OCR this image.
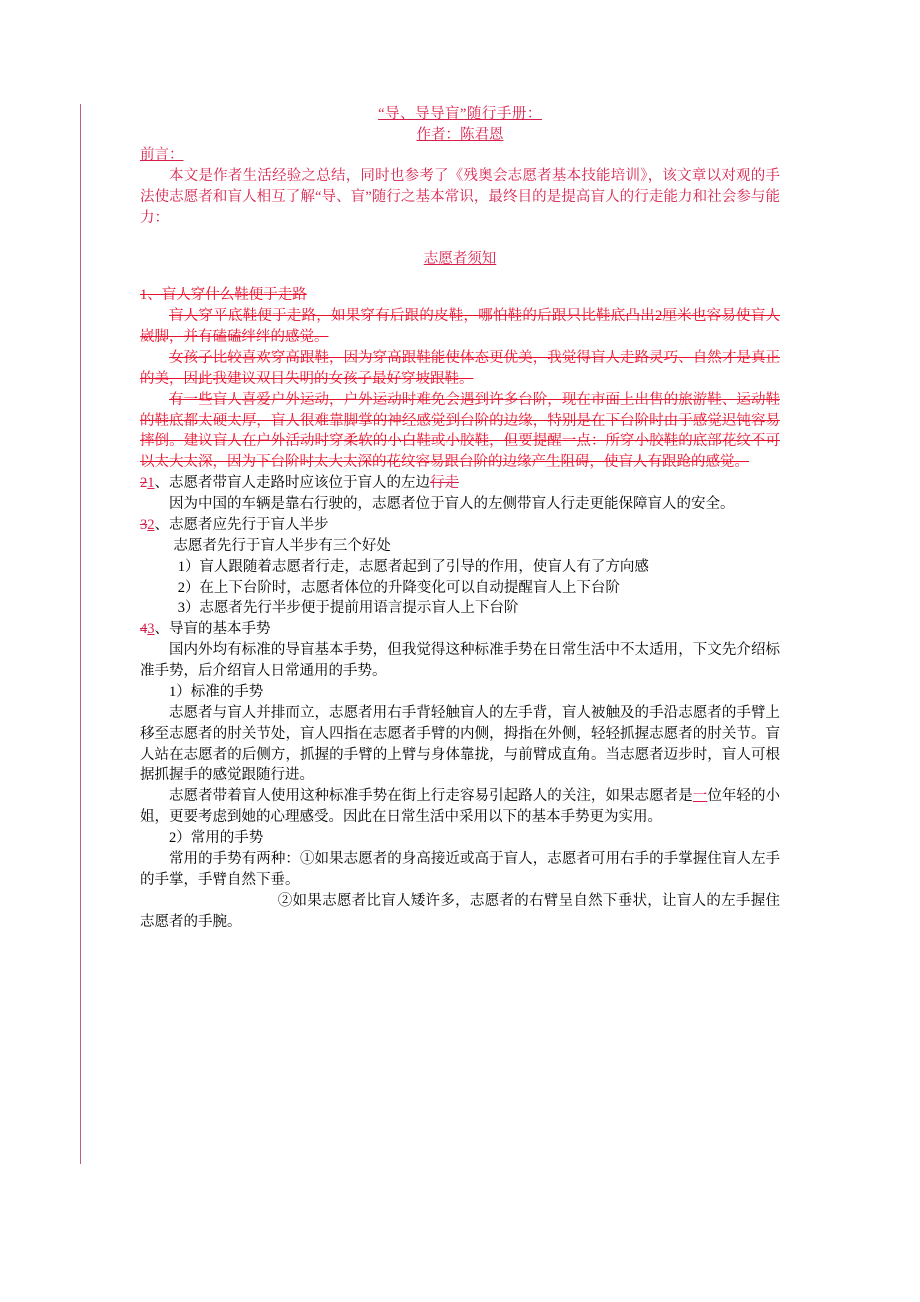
“导、导导盲”随行手册：

作者：陈君恩

前言：

本文是作者生活经验之总结，同时也参考了《残奥会志愿者基本技能培训》，该文章以对观的手法使志愿者和盲人相互了解“导、盲”随行之基本常识，最终目的是提高盲人的行走能力和社会参与能力：

志愿者须知

1、盲人穿什么鞋便于走路

盲人穿平底鞋便于走路，如果穿有后跟的皮鞋，哪怕鞋的后跟只比鞋底凸出2厘米也容易使盲人崴脚，并有磕磕绊绊的感觉。

女孩子比较喜欢穿高跟鞋，因为穿高跟鞋能使体态更优美，我觉得盲人走路灵巧、自然才是真正的美，因此我建议双目失明的女孩子最好穿坡跟鞋。

有一些盲人喜爱户外运动，户外运动时难免会遇到许多台阶，现在市面上出售的旅游鞋、运动鞋的鞋底都太硬太厚，盲人很难靠脚掌的神经感觉到台阶的边缘，特别是在下台阶时由于感觉迟钝容易摔倒。建议盲人在户外活动时穿柔软的小白鞋或小胶鞋，但要提醒一点：所穿小胶鞋的底部花纹不可以太大太深，因为下台阶时太大太深的花纹容易跟台阶的边缘产生阻碍，使盲人有跟跄的感觉。

21、志愿者带盲人走路时应该位于盲人的左边行走

因为中国的车辆是靠右行驶的，志愿者位于盲人的左侧带盲人行走更能保障盲人的安全。

32、志愿者应先行于盲人半步

志愿者先行于盲人半步有三个好处

1）盲人跟随着志愿者行走，志愿者起到了引导的作用，使盲人有了方向感

2）在上下台阶时，志愿者体位的升降变化可以自动提醒盲人上下台阶

3）志愿者先行半步便于提前用语言提示盲人上下台阶

43、导盲的基本手势

国内外均有标准的导盲基本手势，但我觉得这种标准手势在日常生活中不太适用，下文先介绍标准手势，后介绍盲人日常通用的手势。

1）标准的手势

志愿者与盲人并排而立，志愿者用右手背轻触盲人的左手背，盲人被触及的手沿志愿者的手臂上移至志愿者的肘关节处，盲人四指在志愿者手臂的内侧，拇指在外侧，轻轻抓握志愿者的肘关节。盲人站在志愿者的后侧方，抓握的手臂的上臂与身体靠拢，与前臂成直角。当志愿者迈步时，盲人可根据抓握手的感觉跟随行进。

志愿者带着盲人使用这种标准手势在街上行走容易引起路人的关注，如果志愿者是一位年轻的小姐，更要考虑到她的心理感受。因此在日常生活中采用以下的基本手势更为实用。

2）常用的手势

常用的手势有两种：①如果志愿者的身高接近或高于盲人，志愿者可用右手的手掌握住盲人左手的手掌，手臂自然下垂。

②如果志愿者比盲人矮许多，志愿者的右臂呈自然下垂状，让盲人的左手握住志愿者的手腕。
